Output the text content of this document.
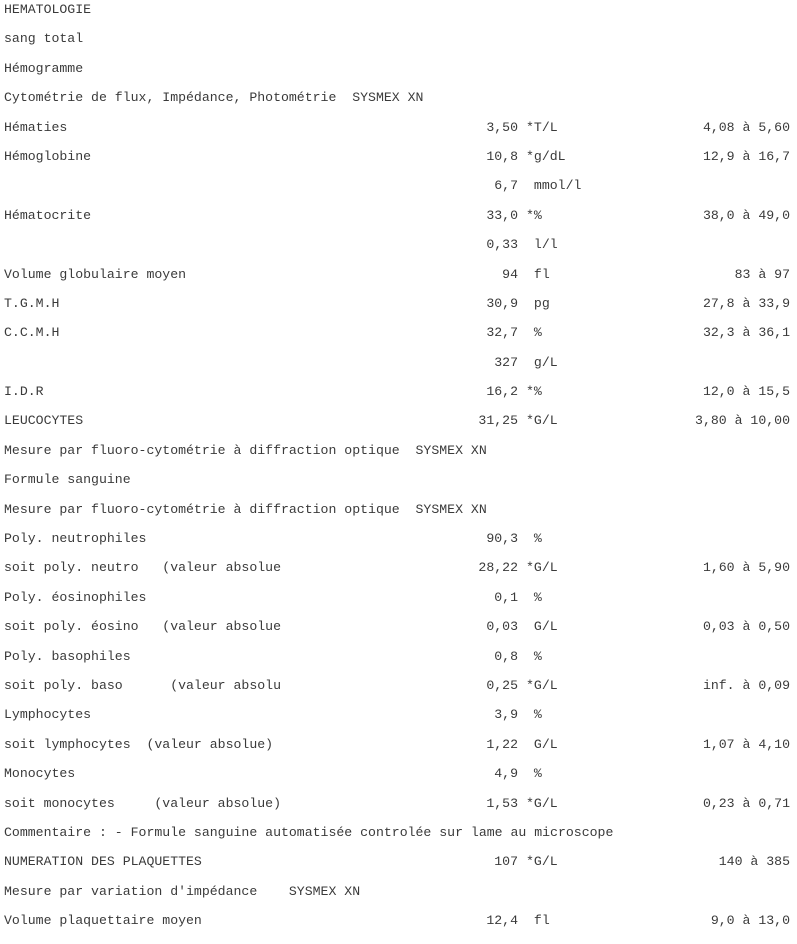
HEMATOLOGIE
sang total
Hémogramme
Cytométrie de flux, Impédance, Photométrie  SYSMEX XN
Hématies	3,50 *T/L	4,08 à 5,60
Hémoglobine	10,8 *g/dL	12,9 à 16,7
6,7 mmol/l
Hématocrite	33,0 *%	38,0 à 49,0
0,33 l/l
Volume globulaire moyen	94 fl	83 à 97
T.G.M.H	30,9 pg	27,8 à 33,9
C.C.M.H	32,7 %	32,3 à 36,1
327 g/L
I.D.R	16,2 *%	12,0 à 15,5
LEUCOCYTES	31,25 *G/L	3,80 à 10,00
Mesure par fluoro-cytométrie à diffraction optique  SYSMEX XN
Formule sanguine
Mesure par fluoro-cytométrie à diffraction optique  SYSMEX XN
Poly. neutrophiles	90,3 %
soit poly. neutro   (valeur absolue	28,22 *G/L	1,60 à 5,90
Poly. éosinophiles	0,1 %
soit poly. éosino   (valeur absolue	0,03 G/L	0,03 à 0,50
Poly. basophiles	0,8 %
soit poly. baso      (valeur absolu	0,25 *G/L	inf. à 0,09
Lymphocytes	3,9 %
soit lymphocytes  (valeur absolue)	1,22 G/L	1,07 à 4,10
Monocytes	4,9 %
soit monocytes     (valeur absolue)	1,53 *G/L	0,23 à 0,71
Commentaire : - Formule sanguine automatisée controlée sur lame au microscope
NUMERATION DES PLAQUETTES	107 *G/L	140 à 385
Mesure par variation d'impédance    SYSMEX XN
Volume plaquettaire moyen	12,4 fl	9,0 à 13,0
